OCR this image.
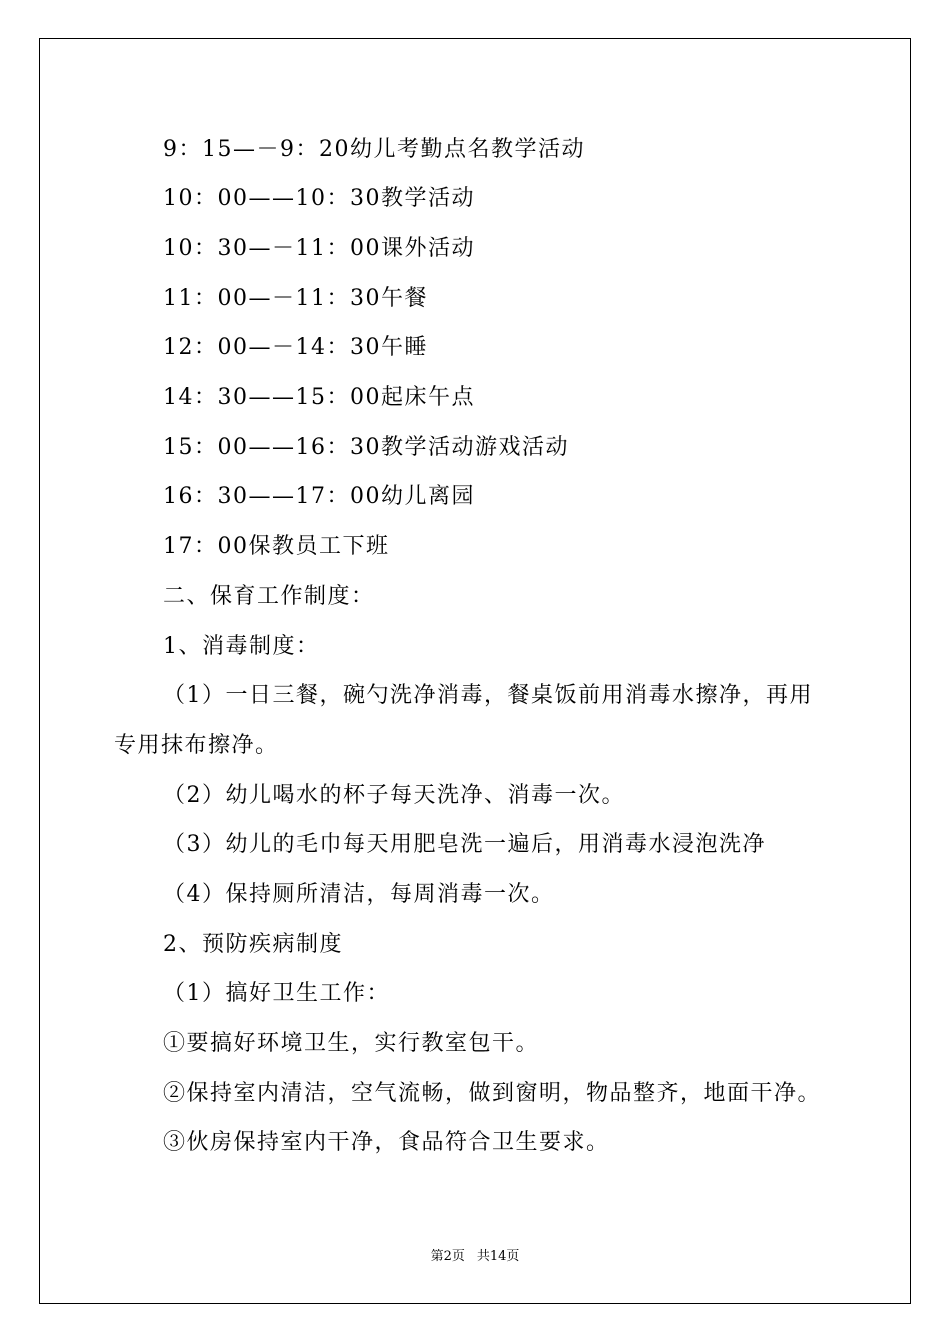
9：15—－9：20幼儿考勤点名教学活动
10：00——10：30教学活动
10：30—－11：00课外活动
11：00—－11：30午餐
12：00—－14：30午睡
14：30——15：00起床午点
15：00——16：30教学活动游戏活动
16：30——17：00幼儿离园
17：00保教员工下班
二、保育工作制度：
1、消毒制度：
（1）一日三餐，碗勺洗净消毒，餐桌饭前用消毒水擦净，再用
专用抹布擦净。
（2）幼儿喝水的杯子每天洗净、消毒一次。
（3）幼儿的毛巾每天用肥皂洗一遍后，用消毒水浸泡洗净
（4）保持厕所清洁，每周消毒一次。
2、预防疾病制度
（1）搞好卫生工作：
①要搞好环境卫生，实行教室包干。
②保持室内清洁，空气流畅，做到窗明，物品整齐，地面干净。
③伙房保持室内干净，食品符合卫生要求。
第2页 共14页
